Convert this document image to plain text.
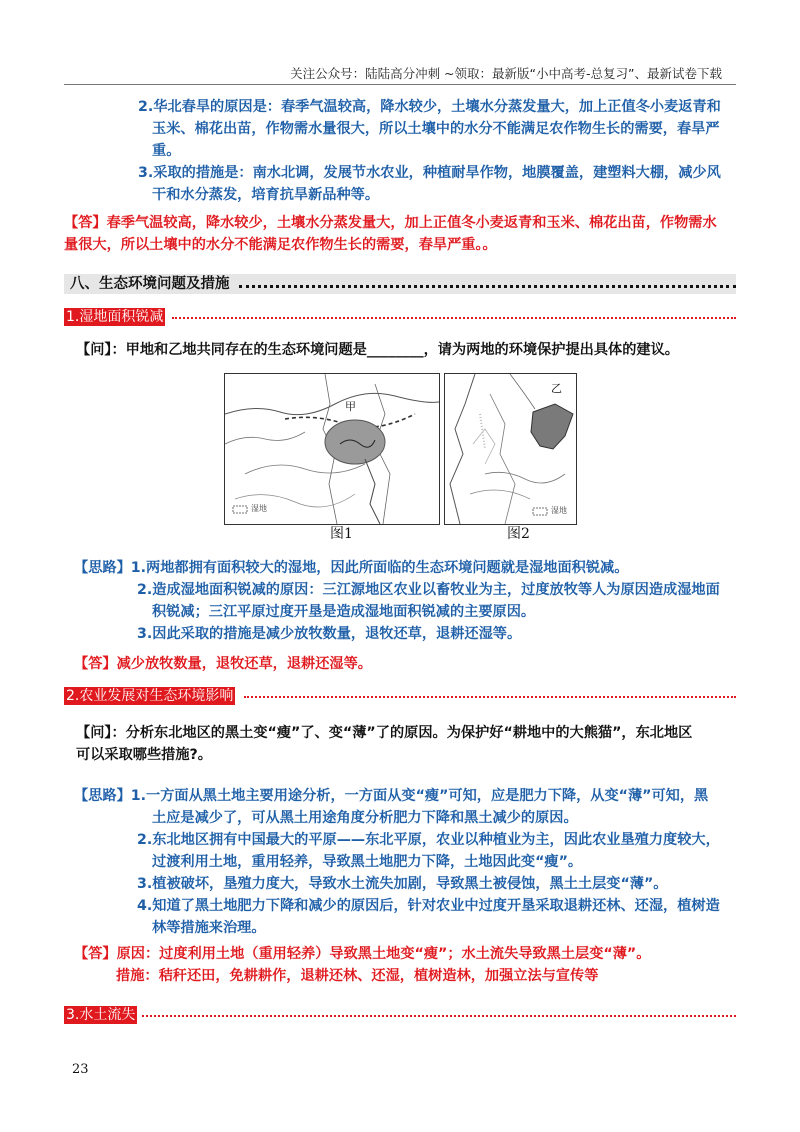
关注公众号：陆陆高分冲刺 ~领取：最新版“小中高考-总复习”、最新试卷下载
2.华北春旱的原因是：春季气温较高，降水较少，土壤水分蒸发量大，加上正值冬小麦返青和
玉米、棉花出苗，作物需水量很大，所以土壤中的水分不能满足农作物生长的需要，春旱严
重。
3.采取的措施是：南水北调，发展节水农业，种植耐旱作物，地膜覆盖，建塑料大棚，减少风
干和水分蒸发，培育抗旱新品种等。
【答】春季气温较高，降水较少，土壤水分蒸发量大，加上正值冬小麦返青和玉米、棉花出苗，作物需水
量很大，所以土壤中的水分不能满足农作物生长的需要，春旱严重。。
八、生态环境问题及措施
1.湿地面积锐减
【问】：甲地和乙地共同存在的生态环境问题是________，请为两地的环境保护提出具体的建议。
甲
湿地
乙
湿地
图1	图2
【思路】1.两地都拥有面积较大的湿地，因此所面临的生态环境问题就是湿地面积锐减。
2.造成湿地面积锐减的原因：三江源地区农业以畜牧业为主，过度放牧等人为原因造成湿地面
积锐减；三江平原过度开垦是造成湿地面积锐减的主要原因。
3.因此采取的措施是减少放牧数量，退牧还草，退耕还湿等。
【答】减少放牧数量，退牧还草，退耕还湿等。
2.农业发展对生态环境影响
【问】：分析东北地区的黑土变“瘦”了、变“薄”了的原因。为保护好“耕地中的大熊猫”，东北地区
可以采取哪些措施?。
【思路】1.一方面从黑土地主要用途分析，一方面从变“瘦”可知，应是肥力下降，从变“薄”可知，黑
土应是减少了，可从黑土用途角度分析肥力下降和黑土减少的原因。
2.东北地区拥有中国最大的平原——东北平原，农业以种植业为主，因此农业垦殖力度较大，
过渡利用土地，重用轻养，导致黑土地肥力下降，土地因此变“瘦”。
3.植被破坏，垦殖力度大，导致水土流失加剧，导致黑土被侵蚀，黑土土层变“薄”。
4.知道了黑土地肥力下降和减少的原因后，针对农业中过度开垦采取退耕还林、还湿，植树造
林等措施来治理。
【答】原因：过度利用土地（重用轻养）导致黑土地变“瘦”；水土流失导致黑土层变“薄”。
措施：秸秆还田，免耕耕作，退耕还林、还湿，植树造林，加强立法与宣传等
3.水土流失
23
